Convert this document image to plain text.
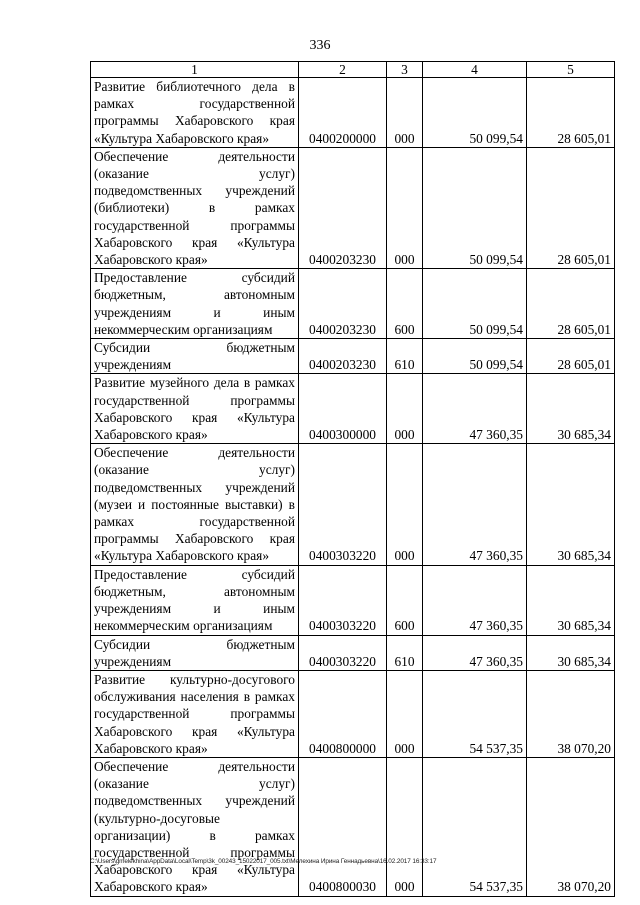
336
1	2	3	4	5
Развитие библиотечного дела в рамках государственной программы Хабаровского края «Культура Хабаровского края»	0400200000	000	50 099,54	28 605,01
Обеспечение деятельности (оказание услуг) подведомственных учреждений (библиотеки) в рамках государственной программы Хабаровского края «Культура Хабаровского края»	0400203230	000	50 099,54	28 605,01
Предоставление субсидий бюджетным, автономным учреждениям и иным некоммерческим организациям	0400203230	600	50 099,54	28 605,01
Субсидии бюджетным учреждениям	0400203230	610	50 099,54	28 605,01
Развитие музейного дела в рамках государственной программы Хабаровского края «Культура Хабаровского края»	0400300000	000	47 360,35	30 685,34
Обеспечение деятельности (оказание услуг) подведомственных учреждений (музеи и постоянные выставки) в рамках государственной программы Хабаровского края «Культура Хабаровского края»	0400303220	000	47 360,35	30 685,34
Предоставление субсидий бюджетным, автономным учреждениям и иным некоммерческим организациям	0400303220	600	47 360,35	30 685,34
Субсидии бюджетным учреждениям	0400303220	610	47 360,35	30 685,34
Развитие культурно-досугового обслуживания населения в рамках государственной программы Хабаровского края «Культура Хабаровского края»	0400800000	000	54 537,35	38 070,20
Обеспечение деятельности (оказание услуг) подведомственных учреждений (культурно-досуговые организации) в рамках государственной программы Хабаровского края «Культура Хабаровского края»	0400800030	000	54 537,35	38 070,20
C:\Users\gmelekhina\AppData\Local\Temp\3k_00243_15022017_005.txt\Мелехина Ирина Геннадьевна\16.02.2017 16:33:17
